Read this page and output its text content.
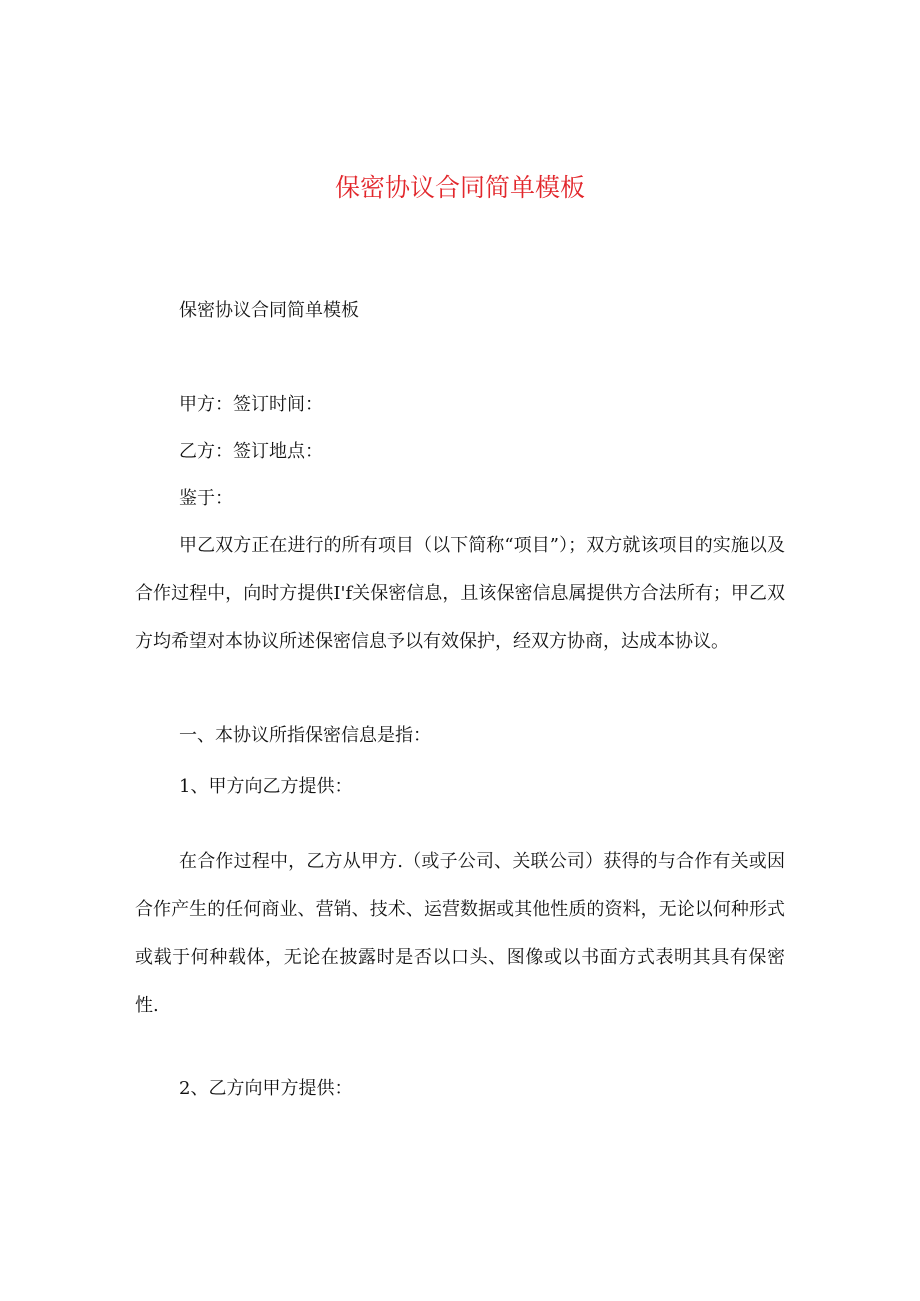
保密协议合同简单模板

保密协议合同简单模板

甲方：签订时间：

乙方：签订地点：

鉴于：

甲乙双方正在进行的所有项目（以下简称“项目”）；双方就该项目的实施以及合作过程中，向时方提供I'f关保密信息，且该保密信息属提供方合法所有；甲乙双方均希望对本协议所述保密信息予以有效保护，经双方协商，达成本协议。

一、本协议所指保密信息是指：

1、甲方向乙方提供：

在合作过程中，乙方从甲方.（或子公司、关联公司）获得的与合作有关或因合作产生的任何商业、营销、技术、运营数据或其他性质的资料，无论以何种形式或载于何种载体，无论在披露时是否以口头、图像或以书面方式表明其具有保密性.

2、乙方向甲方提供：
